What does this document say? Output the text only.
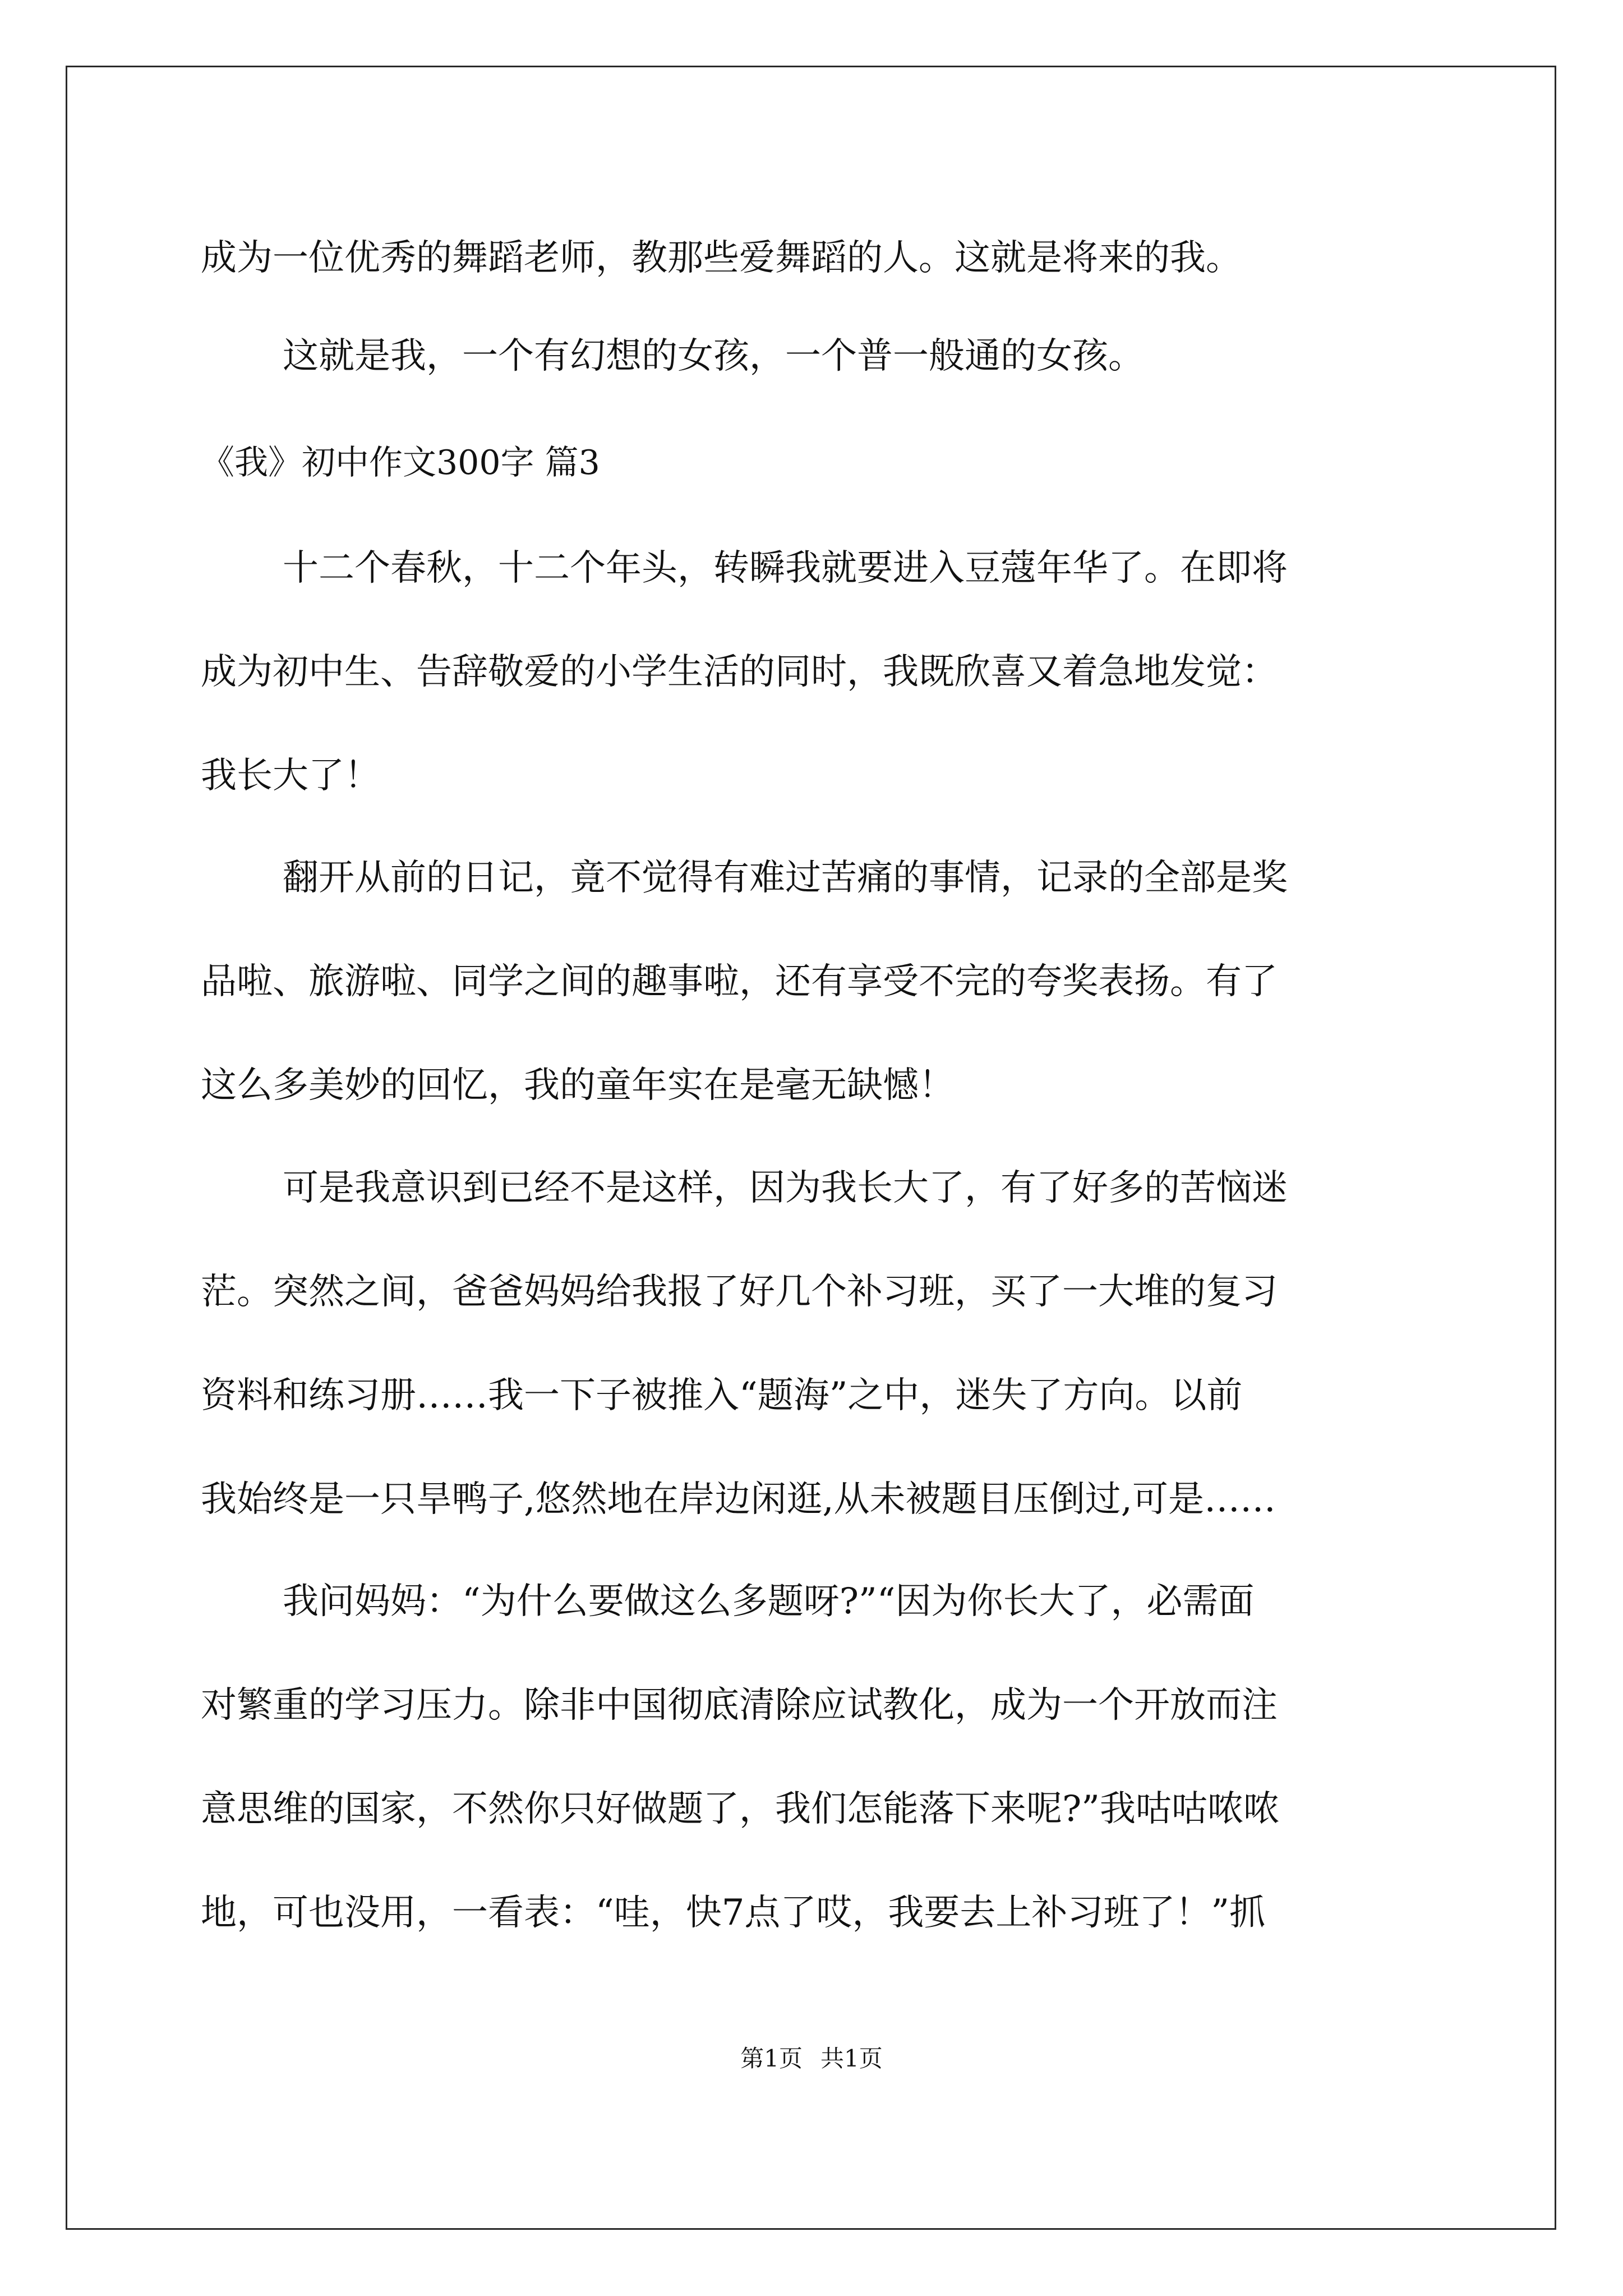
成为一位优秀的舞蹈老师，教那些爱舞蹈的人。这就是将来的我。
这就是我，一个有幻想的女孩，一个普一般通的女孩。
《我》初中作文300字 篇3
十二个春秋，十二个年头，转瞬我就要进入豆蔻年华了。在即将
成为初中生、告辞敬爱的小学生活的同时，我既欣喜又着急地发觉：
我长大了！
翻开从前的日记，竟不觉得有难过苦痛的事情，记录的全部是奖
品啦、旅游啦、同学之间的趣事啦，还有享受不完的夸奖表扬。有了
这么多美妙的回忆，我的童年实在是毫无缺憾！
可是我意识到已经不是这样，因为我长大了，有了好多的苦恼迷
茫。突然之间，爸爸妈妈给我报了好几个补习班，买了一大堆的复习
资料和练习册……我一下子被推入“题海”之中，迷失了方向。以前
我始终是一只旱鸭子,悠然地在岸边闲逛,从未被题目压倒过,可是……
我问妈妈：“为什么要做这么多题呀?”“因为你长大了，必需面
对繁重的学习压力。除非中国彻底清除应试教化，成为一个开放而注
意思维的国家，不然你只好做题了，我们怎能落下来呢?”我咕咕哝哝
地，可也没用，一看表：“哇，快7点了哎，我要去上补习班了！”抓
第1页 共1页
